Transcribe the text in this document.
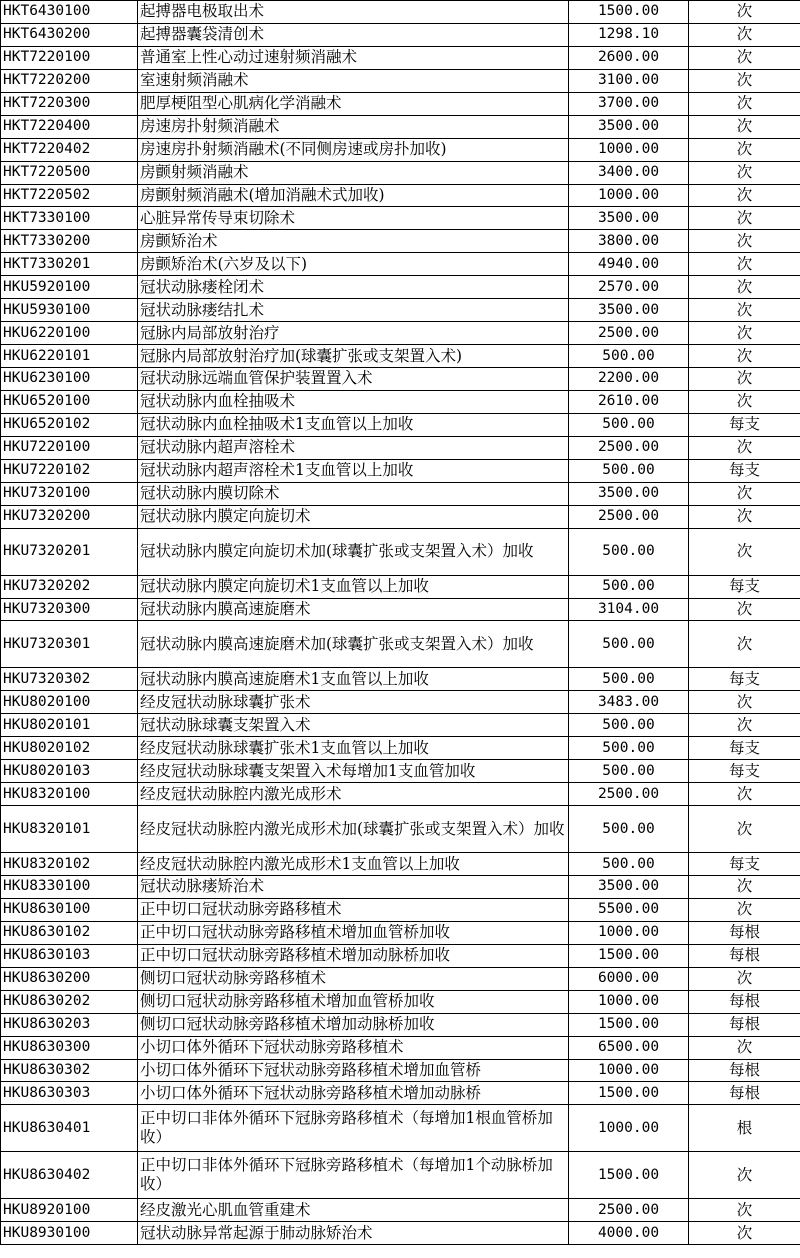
HKT6430100	起搏器电极取出术	1500.00	次
HKT6430200	起搏器囊袋清创术	1298.10	次
HKT7220100	普通室上性心动过速射频消融术	2600.00	次
HKT7220200	室速射频消融术	3100.00	次
HKT7220300	肥厚梗阻型心肌病化学消融术	3700.00	次
HKT7220400	房速房扑射频消融术	3500.00	次
HKT7220402	房速房扑射频消融术(不同侧房速或房扑加收)	1000.00	次
HKT7220500	房颤射频消融术	3400.00	次
HKT7220502	房颤射频消融术(增加消融术式加收)	1000.00	次
HKT7330100	心脏异常传导束切除术	3500.00	次
HKT7330200	房颤矫治术	3800.00	次
HKT7330201	房颤矫治术(六岁及以下)	4940.00	次
HKU5920100	冠状动脉瘘栓闭术	2570.00	次
HKU5930100	冠状动脉瘘结扎术	3500.00	次
HKU6220100	冠脉内局部放射治疗	2500.00	次
HKU6220101	冠脉内局部放射治疗加(球囊扩张或支架置入术)	500.00	次
HKU6230100	冠状动脉远端血管保护装置置入术	2200.00	次
HKU6520100	冠状动脉内血栓抽吸术	2610.00	次
HKU6520102	冠状动脉内血栓抽吸术1支血管以上加收	500.00	每支
HKU7220100	冠状动脉内超声溶栓术	2500.00	次
HKU7220102	冠状动脉内超声溶栓术1支血管以上加收	500.00	每支
HKU7320100	冠状动脉内膜切除术	3500.00	次
HKU7320200	冠状动脉内膜定向旋切术	2500.00	次
HKU7320201	冠状动脉内膜定向旋切术加(球囊扩张或支架置入术）加收	500.00	次
HKU7320202	冠状动脉内膜定向旋切术1支血管以上加收	500.00	每支
HKU7320300	冠状动脉内膜高速旋磨术	3104.00	次
HKU7320301	冠状动脉内膜高速旋磨术加(球囊扩张或支架置入术）加收	500.00	次
HKU7320302	冠状动脉内膜高速旋磨术1支血管以上加收	500.00	每支
HKU8020100	经皮冠状动脉球囊扩张术	3483.00	次
HKU8020101	冠状动脉球囊支架置入术	500.00	次
HKU8020102	经皮冠状动脉球囊扩张术1支血管以上加收	500.00	每支
HKU8020103	经皮冠状动脉球囊支架置入术每增加1支血管加收	500.00	每支
HKU8320100	经皮冠状动脉腔内激光成形术	2500.00	次
HKU8320101	经皮冠状动脉腔内激光成形术加(球囊扩张或支架置入术）加收	500.00	次
HKU8320102	经皮冠状动脉腔内激光成形术1支血管以上加收	500.00	每支
HKU8330100	冠状动脉瘘矫治术	3500.00	次
HKU8630100	正中切口冠状动脉旁路移植术	5500.00	次
HKU8630102	正中切口冠状动脉旁路移植术增加血管桥加收	1000.00	每根
HKU8630103	正中切口冠状动脉旁路移植术增加动脉桥加收	1500.00	每根
HKU8630200	侧切口冠状动脉旁路移植术	6000.00	次
HKU8630202	侧切口冠状动脉旁路移植术增加血管桥加收	1000.00	每根
HKU8630203	侧切口冠状动脉旁路移植术增加动脉桥加收	1500.00	每根
HKU8630300	小切口体外循环下冠状动脉旁路移植术	6500.00	次
HKU8630302	小切口体外循环下冠状动脉旁路移植术增加血管桥	1000.00	每根
HKU8630303	小切口体外循环下冠状动脉旁路移植术增加动脉桥	1500.00	每根
HKU8630401	正中切口非体外循环下冠脉旁路移植术（每增加1根血管桥加收）	1000.00	根
HKU8630402	正中切口非体外循环下冠脉旁路移植术（每增加1个动脉桥加收）	1500.00	次
HKU8920100	经皮激光心肌血管重建术	2500.00	次
HKU8930100	冠状动脉异常起源于肺动脉矫治术	4000.00	次
